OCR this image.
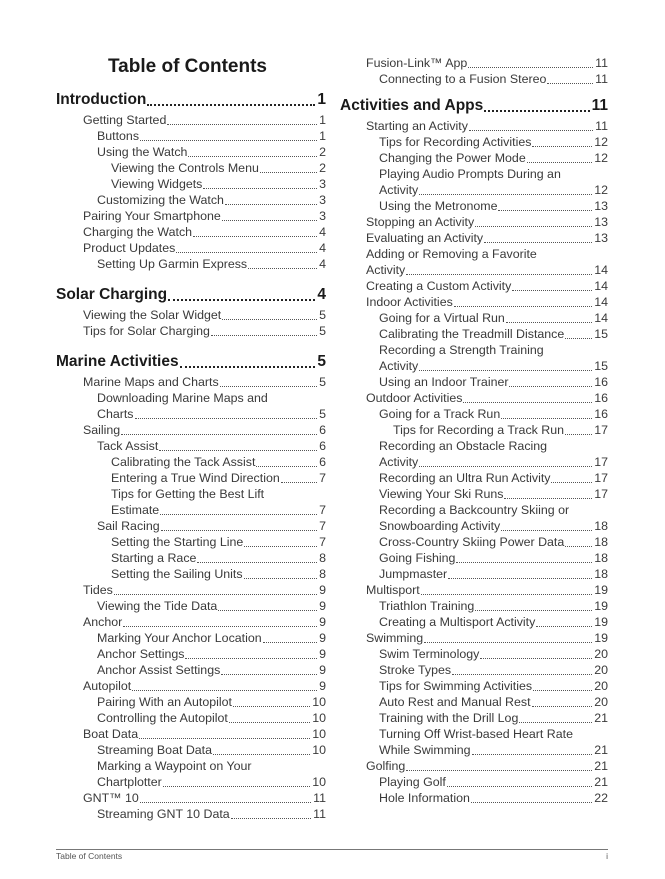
Table of Contents
Introduction	1
Getting Started	1
Buttons	1
Using the Watch	2
Viewing the Controls Menu	2
Viewing Widgets	3
Customizing the Watch	3
Pairing Your Smartphone	3
Charging the Watch	4
Product Updates	4
Setting Up Garmin Express	4
Solar Charging	4
Viewing the Solar Widget	5
Tips for Solar Charging	5
Marine Activities	5
Marine Maps and Charts	5
Downloading Marine Maps and
Charts	5
Sailing	6
Tack Assist	6
Calibrating the Tack Assist	6
Entering a True Wind Direction	7
Tips for Getting the Best Lift
Estimate	7
Sail Racing	7
Setting the Starting Line	7
Starting a Race	8
Setting the Sailing Units	8
Tides	9
Viewing the Tide Data	9
Anchor	9
Marking Your Anchor Location	9
Anchor Settings	9
Anchor Assist Settings	9
Autopilot	9
Pairing With an Autopilot	10
Controlling the Autopilot	10
Boat Data	10
Streaming Boat Data	10
Marking a Waypoint on Your
Chartplotter	10
GNT™ 10	11
Streaming GNT 10 Data	11
Fusion-Link™ App	11
Connecting to a Fusion Stereo	11
Activities and Apps	11
Starting an Activity	11
Tips for Recording Activities	12
Changing the Power Mode	12
Playing Audio Prompts During an
Activity	12
Using the Metronome	13
Stopping an Activity	13
Evaluating an Activity	13
Adding or Removing a Favorite
Activity	14
Creating a Custom Activity	14
Indoor Activities	14
Going for a Virtual Run	14
Calibrating the Treadmill Distance 15
Recording a Strength Training
Activity	15
Using an Indoor Trainer	16
Outdoor Activities	16
Going for a Track Run	16
Tips for Recording a Track Run 17
Recording an Obstacle Racing
Activity	17
Recording an Ultra Run Activity	17
Viewing Your Ski Runs	17
Recording a Backcountry Skiing or
Snowboarding Activity	18
Cross-Country Skiing Power Data 18
Going Fishing	18
Jumpmaster	18
Multisport	19
Triathlon Training	19
Creating a Multisport Activity	19
Swimming	19
Swim Terminology	20
Stroke Types	20
Tips for Swimming Activities	20
Auto Rest and Manual Rest	20
Training with the Drill Log	21
Turning Off Wrist-based Heart Rate
While Swimming	21
Golfing	21
Playing Golf	21
Hole Information	22
Table of Contents	i
